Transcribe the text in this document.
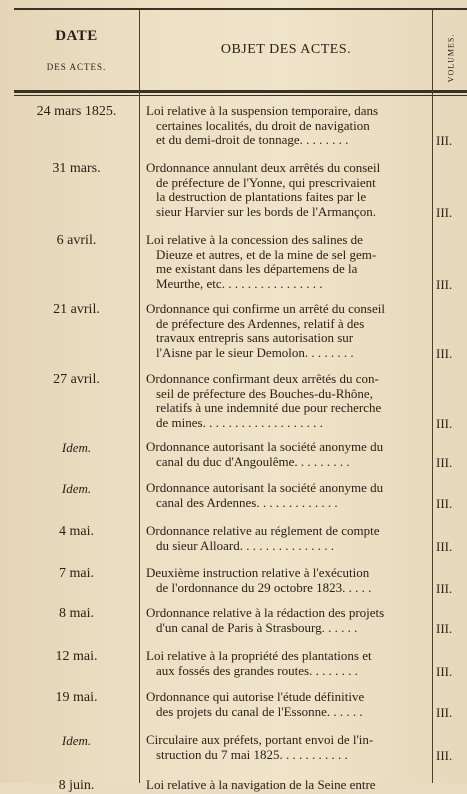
DATE
DES ACTES.
OBJET DES ACTES.	VOLUMES.
24 mars 1825.	Loi relative à la suspension temporaire, dans
certaines localités, du droit de navigation
et du demi-droit de tonnage. . . . . . . .	III.
31 mars.	Ordonnance annulant deux arrêtés du conseil
de préfecture de l'Yonne, qui prescrivaient
la destruction de plantations faites par le
sieur Harvier sur les bords de l'Armançon.	III.
6 avril.	Loi relative à la concession des salines de
Dieuze et autres, et de la mine de sel gem-
me existant dans les départemens de la
Meurthe, etc. . . . . . . . . . . . . . . .	III.
21 avril.	Ordonnance qui confirme un arrêté du conseil
de préfecture des Ardennes, relatif à des
travaux entrepris sans autorisation sur
l'Aisne par le sieur Demolon. . . . . . . .	III.
27 avril.	Ordonnance confirmant deux arrêtés du con-
seil de préfecture des Bouches-du-Rhône,
relatifs à une indemnité due pour recherche
de mines. . . . . . . . . . . . . . . . . . .	III.
Idem.	Ordonnance autorisant la société anonyme du
canal du duc d'Angoulême. . . . . . . . .	III.
Idem.	Ordonnance autorisant la société anonyme du
canal des Ardennes. . . . . . . . . . . . .	III.
4 mai.	Ordonnance relative au réglement de compte
du sieur Alloard. . . . . . . . . . . . . . .	III.
7 mai.	Deuxième instruction relative à l'exécution
de l'ordonnance du 29 octobre 1823. . . . .	III.
8 mai.	Ordonnance relative à la rédaction des projets
d'un canal de Paris à Strasbourg. . . . . .	III.
12 mai.	Loi relative à la propriété des plantations et
aux fossés des grandes routes. . . . . . . .	III.
19 mai.	Ordonnance qui autorise l'étude définitive
des projets du canal de l'Essonne. . . . . .	III.
Idem.	Circulaire aux préfets, portant envoi de l'in-
struction du 7 mai 1825. . . . . . . . . . .	III.
8 juin.	Loi relative à la navigation de la Seine entre
